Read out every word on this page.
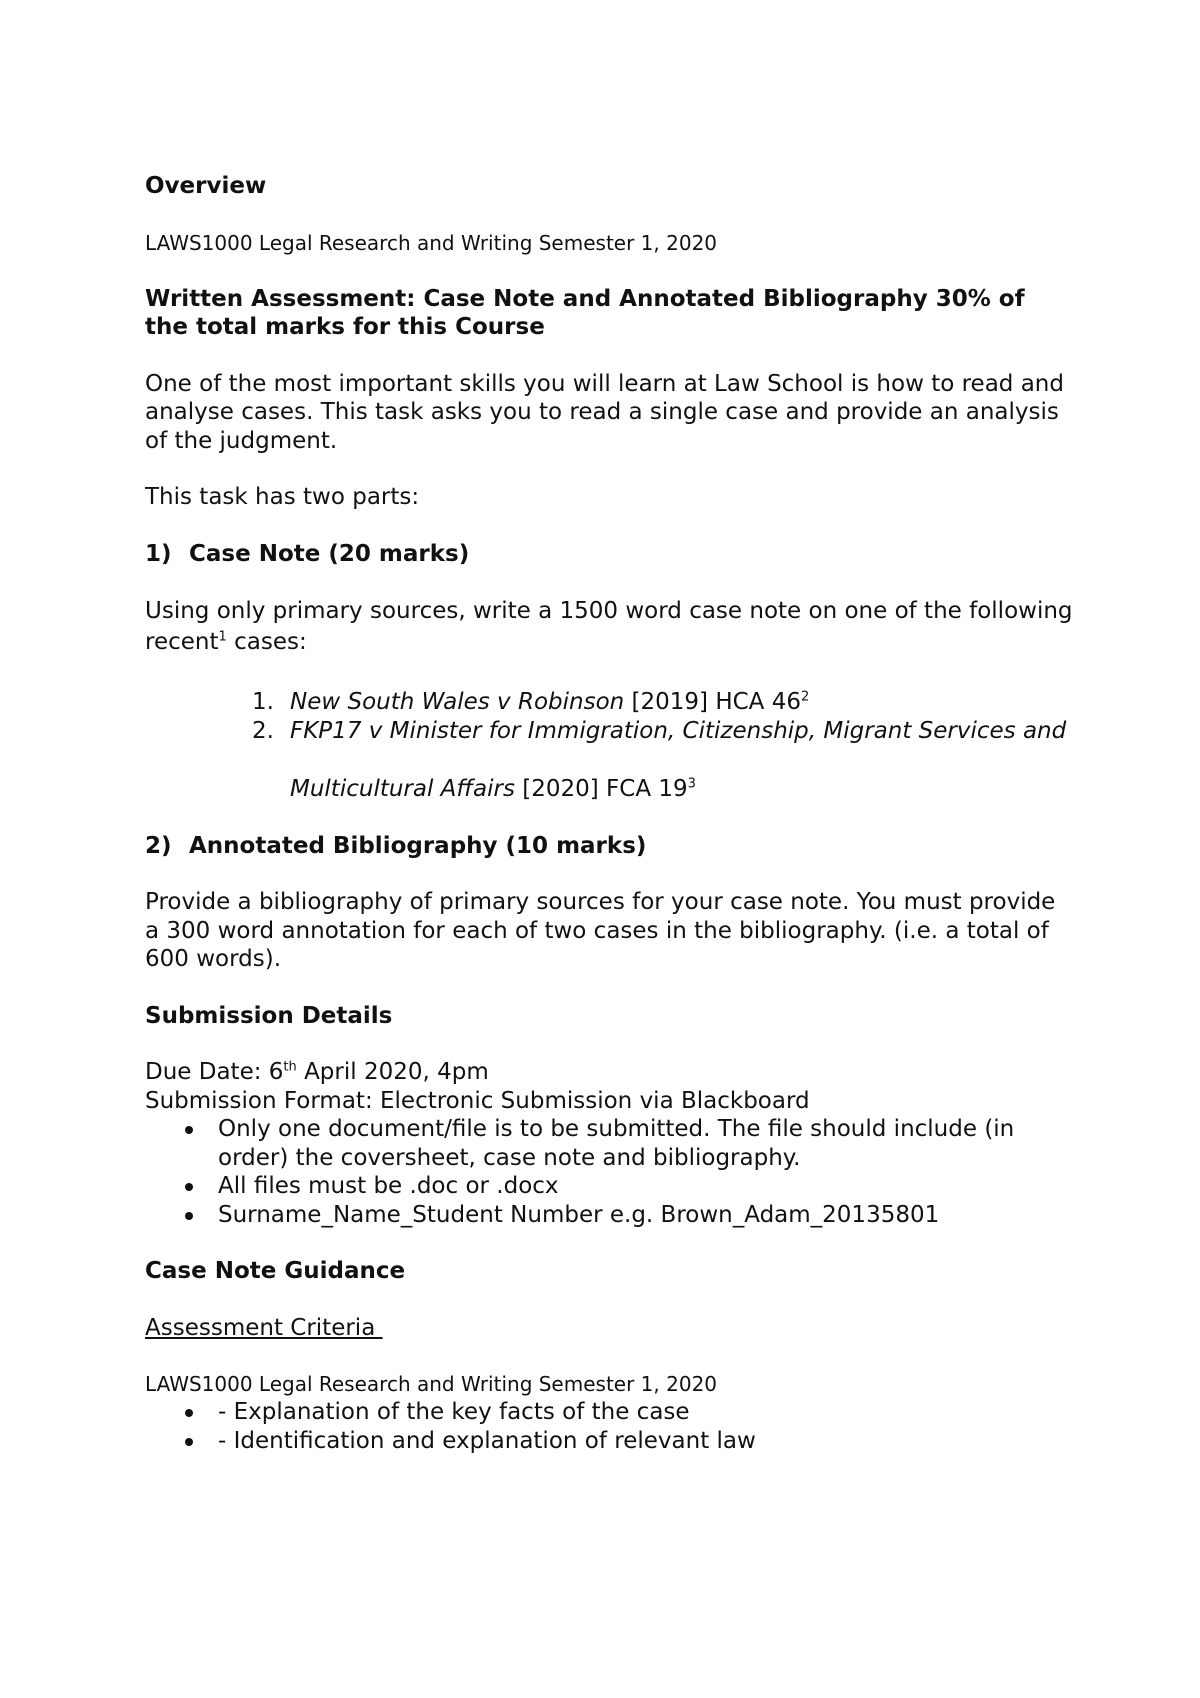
Overview

LAWS1000 Legal Research and Writing Semester 1, 2020

Written Assessment: Case Note and Annotated Bibliography 30% of the total marks for this Course

One of the most important skills you will learn at Law School is how to read and analyse cases. This task asks you to read a single case and provide an analysis of the judgment.

This task has two parts:

1) Case Note (20 marks)

Using only primary sources, write a 1500 word case note on one of the following recent$^1$ cases:

1. New South Wales v Robinson [2019] HCA $46^2$
2. FKP17 v Minister for Immigration, Citizenship, Migrant Services and
Multicultural Affairs [2020] FCA $19^3$
2) Annotated Bibliography (10 marks)

Provide a bibliography of primary sources for your case note. You must provide a 300 word annotation for each of two cases in the bibliography. (i.e. a total of 600 words).

Submission Details

Due Date: 6th April 2020, 4pm

Submission Format: Electronic Submission via Blackboard

Only one document/file is to be submitted. The file should include (in order) the coversheet, case note and bibliography.
All files must be .doc or .docx
Surname_Name_Student Number e.g. Brown_Adam_20135801

Case Note Guidance

Assessment Criteria

LAWS1000 Legal Research and Writing Semester 1, 2020

- Explanation of the key facts of the case
- Identification and explanation of relevant law
